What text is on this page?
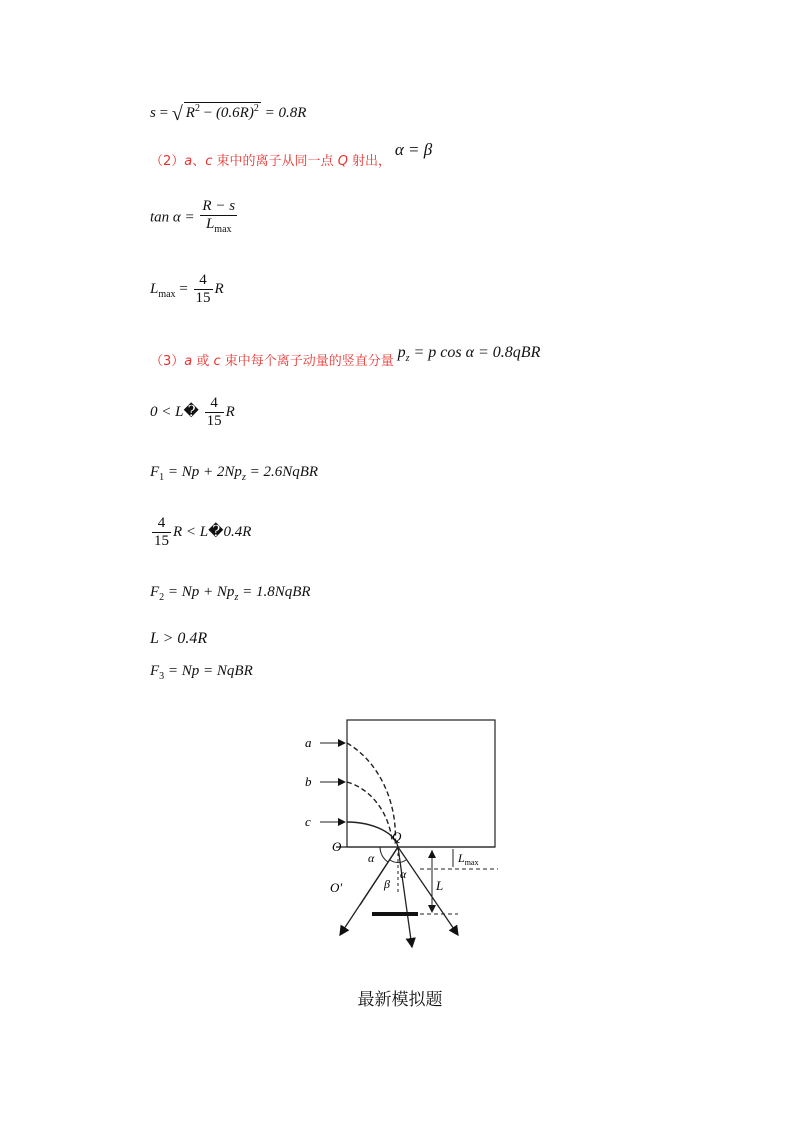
s = √ $R^2 - (0.6R)^2 = 0.8R$
（2）a、c 束中的离子从同一点 Q 射出， α = β
$\tan \alpha = \frac{R - s}{L_{max}}$
$L_{max} = \frac{4}{15}$ R
（3）a 或 c 束中每个离子动量的竖直分量 $p_z = p$ cos α = 0.8qBR
0 < L� $\frac{4}{15}$ R
$F_1 = Np + 2Np_z$ = 2.6NqBR
$\frac{4}{15}$ R < L�0.4R
$F_2 = Np + Np_z$ = 1.8NqBR
L > 0.4R
$F_3 = Np$ = NqBR
a
b
c
O
Q
O′
α
α
β	L
$L_{max}$
最新模拟题
